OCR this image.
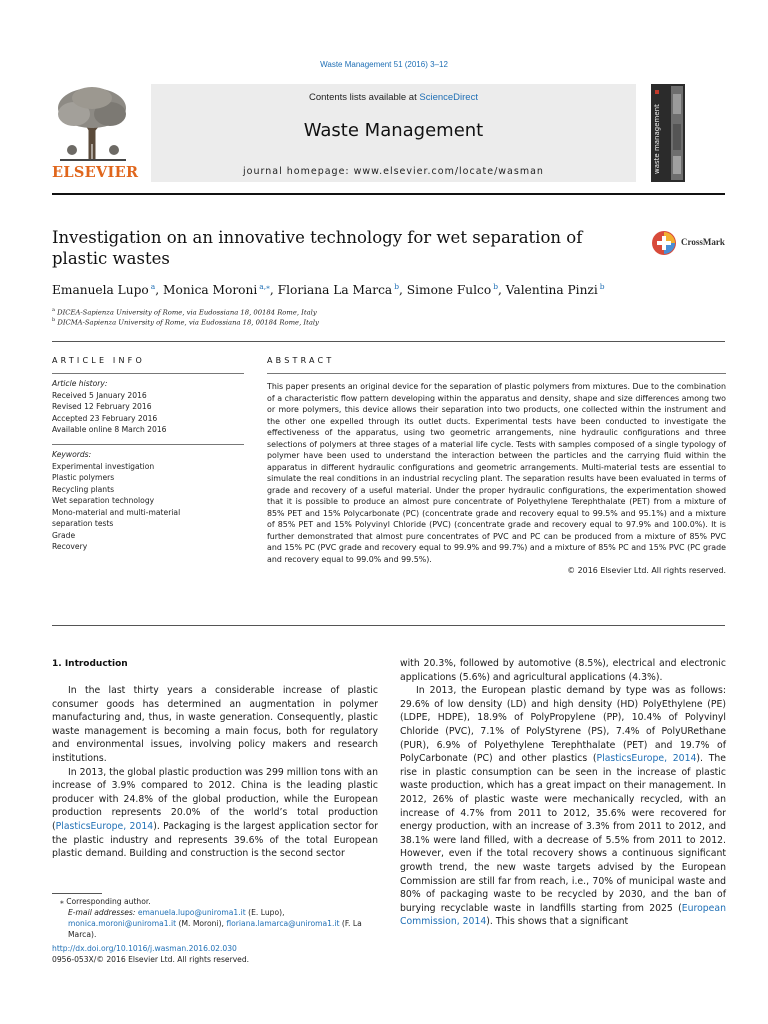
Waste Management 51 (2016) 3–12
ELSEVIER
Contents lists available at ScienceDirect
Waste Management
journal homepage: www.elsevier.com/locate/wasman	waste management
Investigation on an innovative technology for wet separation of plastic wastes
CrossMark
Emanuela Lupo $^a$, Monica Moroni $^{a,⁎}$, Floriana La Marca $^b$, Simone Fulco $^b$, Valentina Pinzi $^b$
$^a$ DICEA-Sapienza University of Rome, via Eudossiana 18, 00184 Rome, Italy
$^b$ DICMA-Sapienza University of Rome, via Eudossiana 18, 00184 Rome, Italy
ARTICLE INFO
Article history:
Received 5 January 2016
Revised 12 February 2016
Accepted 23 February 2016
Available online 8 March 2016
Keywords:
Experimental investigation
Plastic polymers
Recycling plants
Wet separation technology
Mono-material and multi-material
separation tests
Grade
Recovery
ABSTRACT
This paper presents an original device for the separation of plastic polymers from mixtures. Due to the combination of a characteristic flow pattern developing within the apparatus and density, shape and size differences among two or more polymers, this device allows their separation into two products, one collected within the instrument and the other one expelled through its outlet ducts. Experimental tests have been conducted to investigate the effectiveness of the apparatus, using two geometric arrangements, nine hydraulic configurations and three selections of polymers at three stages of a material life cycle. Tests with samples composed of a single typology of polymer have been used to understand the interaction between the particles and the carrying fluid within the apparatus in different hydraulic configurations and geometric arrangements. Multi-material tests are essential to simulate the real conditions in an industrial recycling plant. The separation results have been evaluated in terms of grade and recovery of a useful material. Under the proper hydraulic configurations, the experimentation showed that it is possible to produce an almost pure concentrate of Polyethylene Terephthalate (PET) from a mixture of 85% PET and 15% Polycarbonate (PC) (concentrate grade and recovery equal to 99.5% and 95.1%) and a mixture of 85% PET and 15% Polyvinyl Chloride (PVC) (concentrate grade and recovery equal to 97.9% and 100.0%). It is further demonstrated that almost pure concentrates of PVC and PC can be produced from a mixture of 85% PVC and 15% PC (PVC grade and recovery equal to 99.9% and 99.7%) and a mixture of 85% PC and 15% PVC (PC grade and recovery equal to 99.0% and 99.5%).
© 2016 Elsevier Ltd. All rights reserved.
1. Introduction

In the last thirty years a considerable increase of plastic consumer goods has determined an augmentation in polymer manufacturing and, thus, in waste generation. Consequently, plastic waste management is becoming a main focus, both for regulatory and environmental issues, involving policy makers and research institutions.

In 2013, the global plastic production was 299 million tons with an increase of 3.9% compared to 2012. China is the leading plastic producer with 24.8% of the global production, while the European production represents 20.0% of the world’s total production (PlasticsEurope, 2014). Packaging is the largest application sector for the plastic industry and represents 39.6% of the total European plastic demand. Building and construction is the second sector

⁎ Corresponding author.
E-mail addresses: emanuela.lupo@uniroma1.it (E. Lupo), monica.moroni@uniroma1.it (M. Moroni), floriana.lamarca@uniroma1.it (F. La Marca).
http://dx.doi.org/10.1016/j.wasman.2016.02.030
0956-053X/© 2016 Elsevier Ltd. All rights reserved.

with 20.3%, followed by automotive (8.5%), electrical and electronic applications (5.6%) and agricultural applications (4.3%).

In 2013, the European plastic demand by type was as follows: 29.6% of low density (LD) and high density (HD) PolyEthylene (PE)(LDPE, HDPE), 18.9% of PolyPropylene (PP), 10.4% of Polyvinyl Chloride (PVC), 7.1% of PolyStyrene (PS), 7.4% of PolyURethane (PUR), 6.9% of Polyethylene Terephthalate (PET) and 19.7% of PolyCarbonate (PC) and other plastics (PlasticsEurope, 2014). The rise in plastic consumption can be seen in the increase of plastic waste production, which has a great impact on their management. In 2012, 26% of plastic waste were mechanically recycled, with an increase of 4.7% from 2011 to 2012, 35.6% were recovered for energy production, with an increase of 3.3% from 2011 to 2012, and 38.1% were land filled, with a decrease of 5.5% from 2011 to 2012. However, even if the total recovery shows a continuous significant growth trend, the new waste targets advised by the European Commission are still far from reach, i.e., 70% of municipal waste and 80% of packaging waste to be recycled by 2030, and the ban of burying recyclable waste in landfills starting from 2025 (European Commission, 2014). This shows that a significant
